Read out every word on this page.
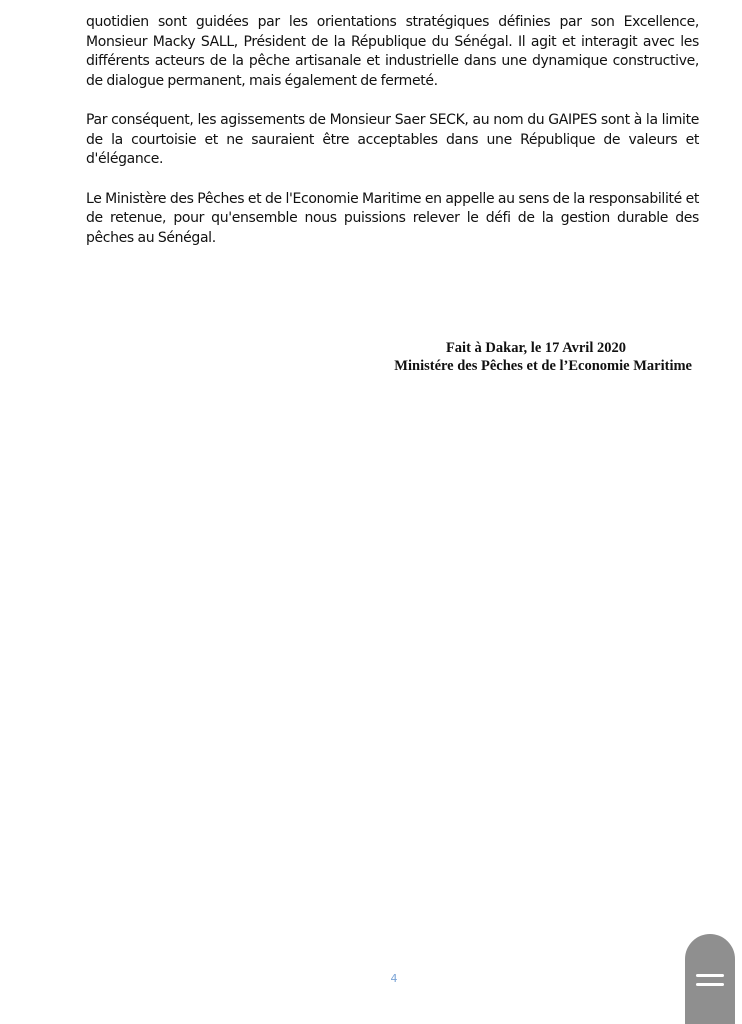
quotidien sont guidées par les orientations stratégiques définies par son Excellence, Monsieur Macky SALL, Président de la République du Sénégal. Il agit et interagit avec les différents acteurs de la pêche artisanale et industrielle dans une dynamique constructive, de dialogue permanent, mais également de fermeté.

Par conséquent, les agissements de Monsieur Saer SECK, au nom du GAIPES sont à la limite de la courtoisie et ne sauraient être acceptables dans une République de valeurs et d'élégance.

Le Ministère des Pêches et de l'Economie Maritime en appelle au sens de la responsabilité et de retenue, pour qu'ensemble nous puissions relever le défi de la gestion durable des pêches au Sénégal.

Fait à Dakar, le 17 Avril 2020
Ministére des Pêches et de l’Economie Maritime
4
